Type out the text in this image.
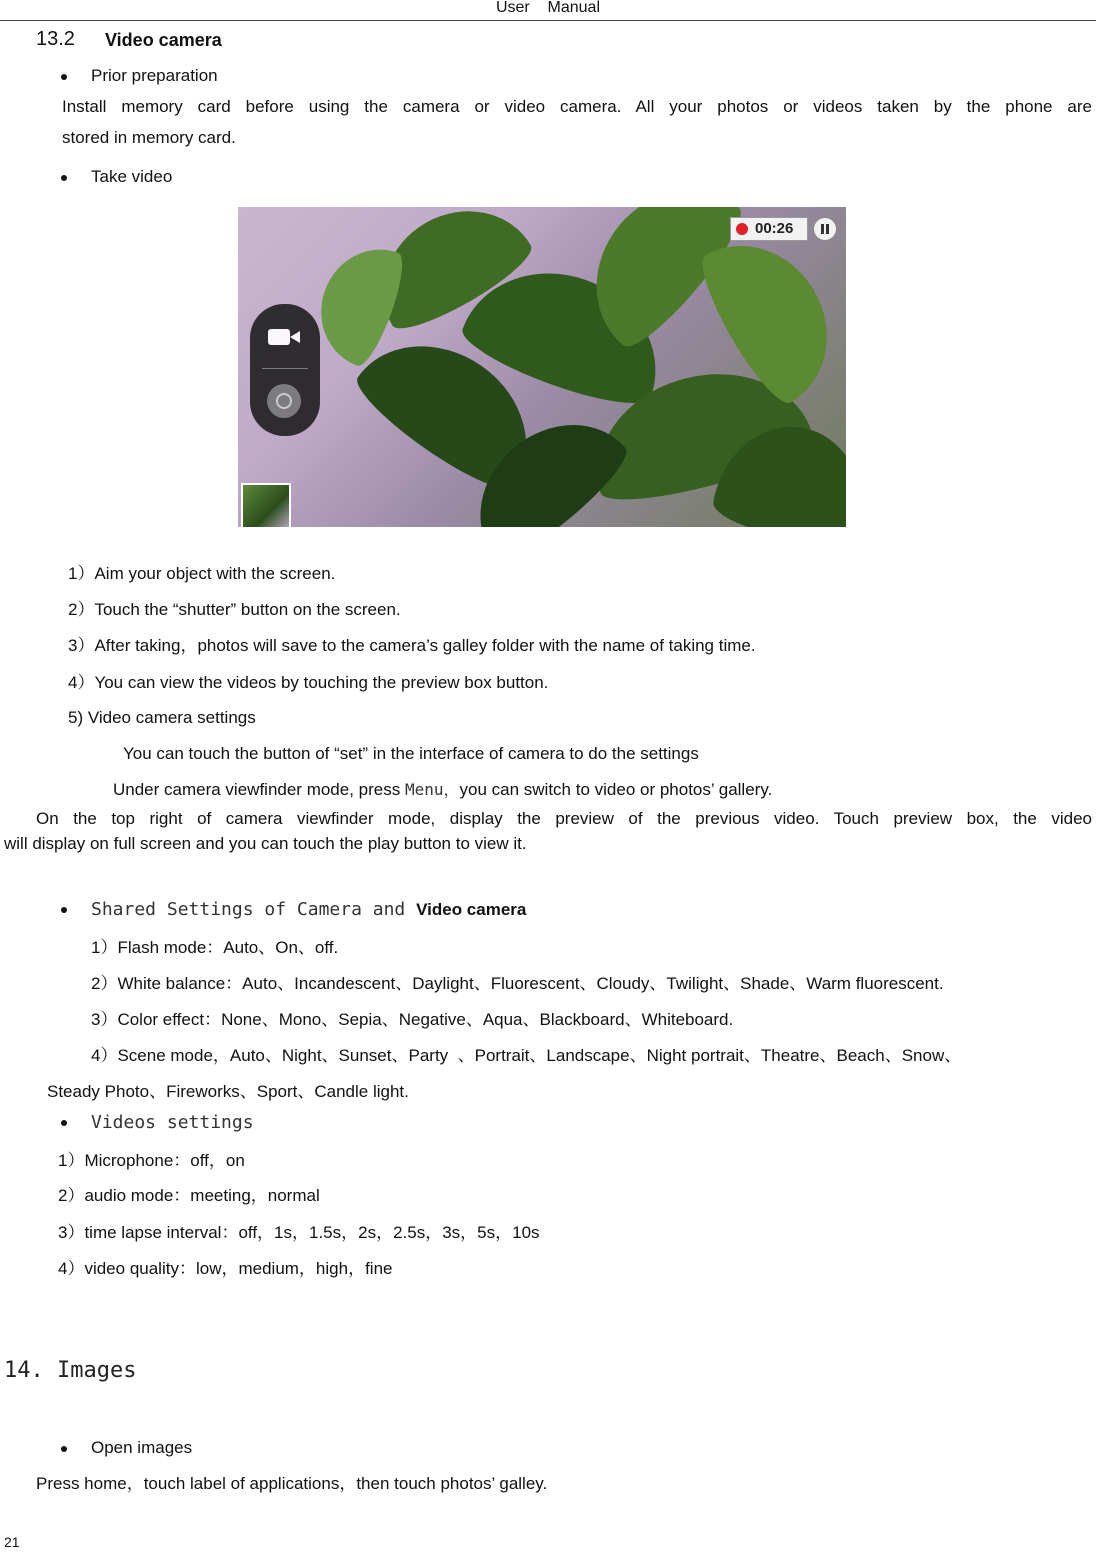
User    Manual
13.2 Video camera
Prior preparation
Install memory card before using the camera or video camera. All your photos or videos taken by the phone are
stored in memory card.
Take video
00:26
1）Aim your object with the screen.
2）Touch the “shutter” button on the screen.
3）After taking，photos will save to the camera’s galley folder with the name of taking time.
4）You can view the videos by touching the preview box button.
5) Video camera settings
You can touch the button of “set” in the interface of camera to do the settings
Under camera viewfinder mode, press Menu，you can switch to video or photos’ gallery.
On the top right of camera viewfinder mode, display the preview of the previous video. Touch preview box, the video
will display on full screen and you can touch the play button to view it.
Shared Settings of Camera and Video camera
1）Flash mode：Auto、On、off.
2）White balance：Auto、Incandescent、Daylight、Fluorescent、Cloudy、Twilight、Shade、Warm fluorescent.
3）Color effect：None、Mono、Sepia、Negative、Aqua、Blackboard、Whiteboard.
4）Scene mode，Auto、Night、Sunset、Party  、Portrait、Landscape、Night portrait、Theatre、Beach、Snow、
Steady Photo、Fireworks、Sport、Candle light.
Videos settings
1）Microphone：off，on
2）audio mode：meeting，normal
3）time lapse interval：off，1s，1.5s，2s，2.5s，3s，5s，10s
4）video quality：low，medium，high，fine
14. Images
Open images
Press home，touch label of applications，then touch photos’ galley.
21
